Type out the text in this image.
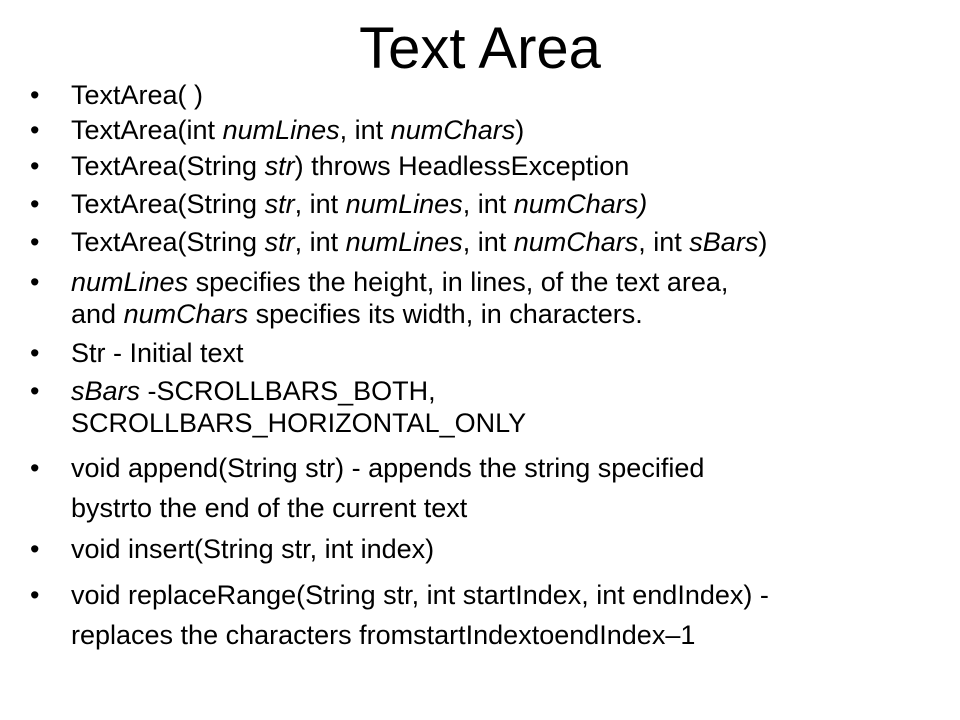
Text Area
•	TextArea( )
•	TextArea(int numLines, int numChars)
•	TextArea(String str) throws HeadlessException
•	TextArea(String str, int numLines, int numChars)
•	TextArea(String str, int numLines, int numChars, int sBars)
•	numLines specifies the height, in lines, of the text area,
and numChars specifies its width, in characters.
•	Str - Initial text
•	sBars -SCROLLBARS_BOTH,
SCROLLBARS_HORIZONTAL_ONLY
•	void append(String str) - appends the string specified
bystrto the end of the current text
•	void insert(String str, int index)
•	void replaceRange(String str, int startIndex, int endIndex) -
replaces the characters fromstartIndextoendIndex–1
